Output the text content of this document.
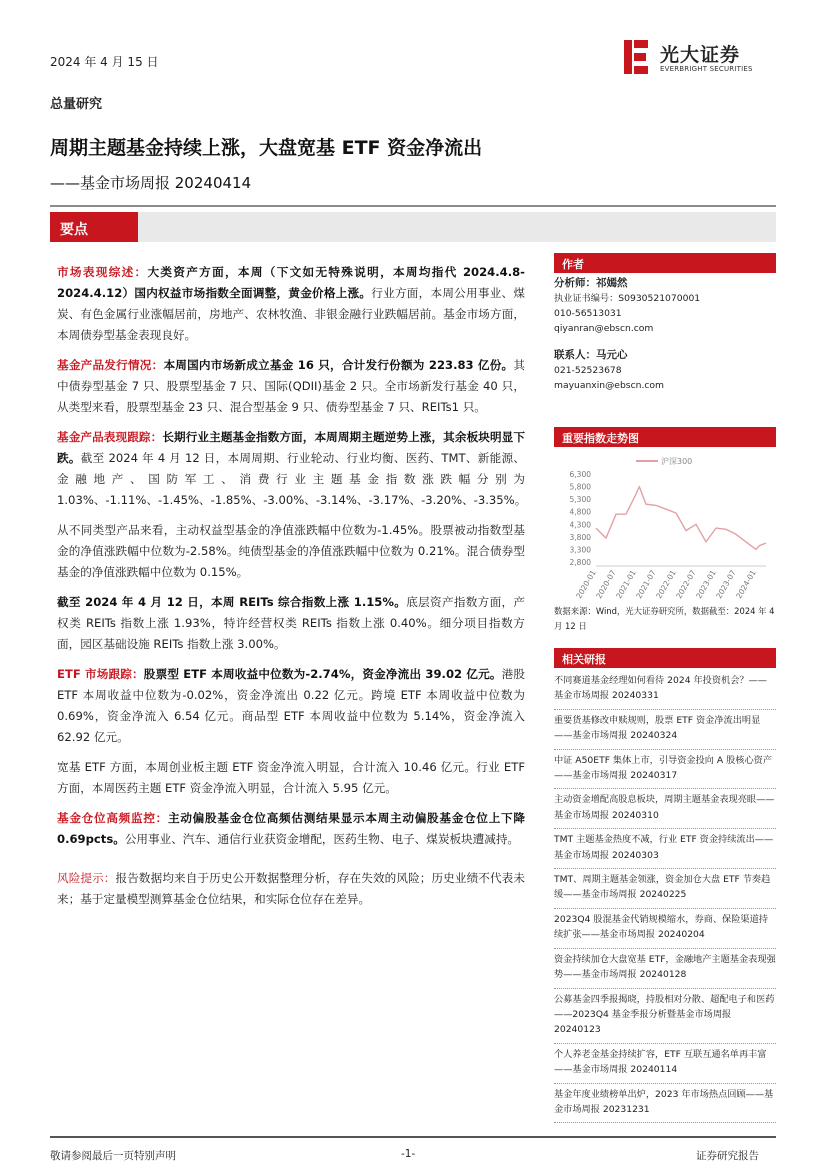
2024 年 4 月 15 日	光大证券
EVERBRIGHT SECURITIES
总量研究
周期主题基金持续上涨，大盘宽基 ETF 资金净流出
——基金市场周报 20240414
要点

市场表现综述：大类资产方面，本周（下文如无特殊说明，本周均指代 2024.4.8-2024.4.12）国内权益市场指数全面调整，黄金价格上涨。行业方面，本周公用事业、煤炭、有色金属行业涨幅居前，房地产、农林牧渔、非银金融行业跌幅居前。基金市场方面，本周债券型基金表现良好。

基金产品发行情况：本周国内市场新成立基金 16 只，合计发行份额为 223.83 亿份。其中债券型基金 7 只、股票型基金 7 只、国际(QDII)基金 2 只。全市场新发行基金 40 只，从类型来看，股票型基金 23 只、混合型基金 9 只、债券型基金 7 只、REITs1 只。

基金产品表现跟踪：长期行业主题基金指数方面，本周周期主题逆势上涨，其余板块明显下跌。截至 2024 年 4 月 12 日，本周周期、行业轮动、行业均衡、医药、TMT、新能源、金融地产、国防军工、消费行业主题基金指数涨跌幅分别为 1.03%、-1.11%、-1.45%、-1.85%、-3.00%、-3.14%、-3.17%、-3.20%、-3.35%。

从不同类型产品来看，主动权益型基金的净值涨跌幅中位数为-1.45%。股票被动指数型基金的净值涨跌幅中位数为-2.58%。纯债型基金的净值涨跌幅中位数为 0.21%。混合债券型基金的净值涨跌幅中位数为 0.15%。

截至 2024 年 4 月 12 日，本周 REITs 综合指数上涨 1.15%。底层资产指数方面，产权类 REITs 指数上涨 1.93%，特许经营权类 REITs 指数上涨 0.40%。细分项目指数方面，园区基础设施 REITs 指数上涨 3.00%。

ETF 市场跟踪：股票型 ETF 本周收益中位数为-2.74%，资金净流出 39.02 亿元。港股 ETF 本周收益中位数为-0.02%，资金净流出 0.22 亿元。跨境 ETF 本周收益中位数为 0.69%，资金净流入 6.54 亿元。商品型 ETF 本周收益中位数为 5.14%，资金净流入 62.92 亿元。

宽基 ETF 方面，本周创业板主题 ETF 资金净流入明显，合计流入 10.46 亿元。行业 ETF 方面，本周医药主题 ETF 资金净流入明显，合计流入 5.95 亿元。

基金仓位高频监控：主动偏股基金仓位高频估测结果显示本周主动偏股基金仓位上下降 0.69pcts。公用事业、汽车、通信行业获资金增配，医药生物、电子、煤炭板块遭减持。

风险提示：报告数据均来自于历史公开数据整理分析，存在失效的风险；历史业绩不代表未来；基于定量模型测算基金仓位结果，和实际仓位存在差异。

作者
分析师：祁嫣然
执业证书编号：S0930521070001
010-56513031
qiyanran@ebscn.com
联系人：马元心
021-52523678
mayuanxin@ebscn.com
重要指数走势图
沪深300
2,800
3,300
3,800
4,300
4,800
5,300
5,800
6,300
2020-01
2020-07
2021-01
2021-07
2022-01
2022-07
2023-01
2023-07
2024-01
数据来源：Wind，光大证券研究所，数据截至：2024 年 4 月 12 日
相关研报
不同赛道基金经理如何看待 2024 年投资机会？——基金市场周报 20240331
重要货基修改申赎规则，股票 ETF 资金净流出明显——基金市场周报 20240324
中证 A50ETF 集体上市，引导资金投向 A 股核心资产——基金市场周报 20240317
主动资金增配高股息板块，周期主题基金表现亮眼——基金市场周报 20240310
TMT 主题基金热度不减，行业 ETF 资金持续流出——基金市场周报 20240303
TMT、周期主题基金领涨，资金加仓大盘 ETF 节奏趋缓——基金市场周报 20240225
2023Q4 股混基金代销规模缩水，券商、保险渠道持续扩张——基金市场周报 20240204
资金持续加仓大盘宽基 ETF，金融地产主题基金表现强势——基金市场周报 20240128
公募基金四季报揭晓，持股相对分散、超配电子和医药——2023Q4 基金季报分析暨基金市场周报 20240123
个人养老金基金持续扩容，ETF 互联互通名单再丰富——基金市场周报 20240114
基金年度业绩榜单出炉，2023 年市场热点回顾——基金市场周报 20231231
敬请参阅最后一页特别声明	-1-	证券研究报告
